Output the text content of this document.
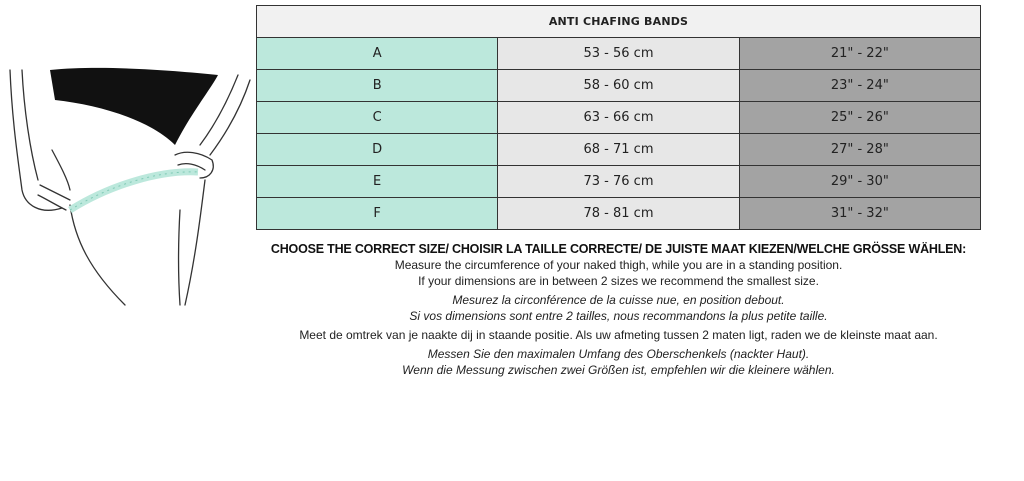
ANTI CHAFING BANDS		
A	53 - 56 cm	21" - 22"
B	58 - 60 cm	23" - 24"
C	63 - 66 cm	25" - 26"
D	68 - 71 cm	27" - 28"
E	73 - 76 cm	29" - 30"
F	78 - 81 cm	31" - 32"
CHOOSE THE CORRECT SIZE/ CHOISIR LA TAILLE CORRECTE/ DE JUISTE MAAT KIEZEN/WELCHE GRÖSSE WÄHLEN:
Measure the circumference of your naked thigh, while you are in a standing position.
If your dimensions are in between 2 sizes we recommend the smallest size.
Mesurez la circonférence de la cuisse nue, en position debout.
Si vos dimensions sont entre 2 tailles, nous recommandons la plus petite taille.
Meet de omtrek van je naakte dij in staande positie. Als uw afmeting tussen 2 maten ligt, raden we de kleinste maat aan.
Messen Sie den maximalen Umfang des Oberschenkels (nackter Haut).
Wenn die Messung zwischen zwei Größen ist, empfehlen wir die kleinere wählen.
